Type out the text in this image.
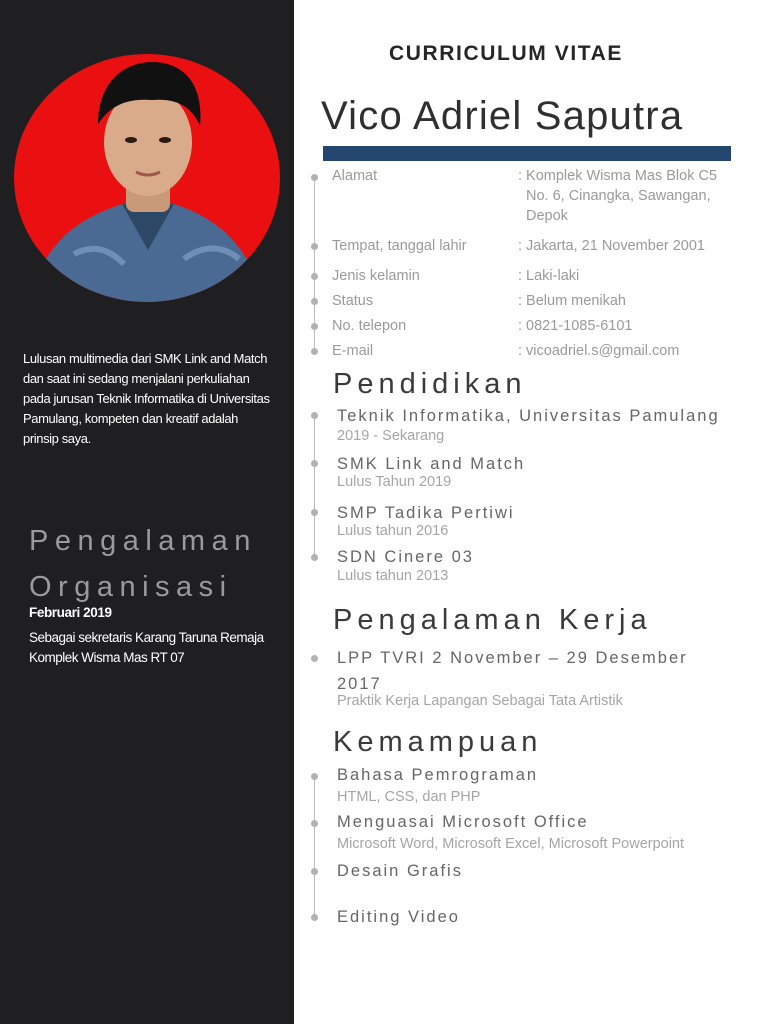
Lulusan multimedia dari SMK Link and Match dan saat ini sedang menjalani perkuliahan pada jurusan Teknik Informatika di Universitas Pamulang, kompeten dan kreatif adalah prinsip saya.

Pengalaman
Organisasi

Februari 2019

Sebagai sekretaris Karang Taruna Remaja Komplek Wisma Mas RT 07

CURRICULUM VITAE
Vico Adriel Saputra

Alamat	: Komplek Wisma Mas Blok C5
No. 6, Cinangka, Sawangan,
Depok

Tempat, tanggal lahir	: Jakarta, 21 November 2001

Jenis kelamin	: Laki-laki

Status	: Belum menikah

No. telepon	: 0821-1085-6101

E-mail	: vicoadriel.s@gmail.com

Pendidikan

Teknik Informatika, Universitas Pamulang

2019 - Sekarang

SMK Link and Match

Lulus Tahun 2019

SMP Tadika Pertiwi

Lulus tahun 2016

SDN Cinere 03

Lulus tahun 2013

Pengalaman Kerja

LPP TVRI 2 November – 29 Desember
2017

Praktik Kerja Lapangan Sebagai Tata Artistik

Kemampuan

Bahasa Pemrograman

HTML, CSS, dan PHP

Menguasai Microsoft Office

Microsoft Word, Microsoft Excel, Microsoft Powerpoint

Desain Grafis

Editing Video
